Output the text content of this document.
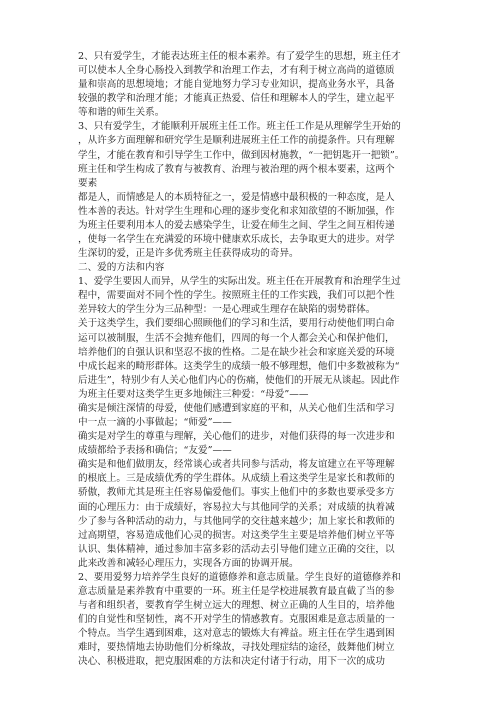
2、只有爱学生，才能表达班主任的根本素养。有了爱学生的思想，班主任才

可以使本人全身心肠投入到教学和治理工作去，才有利于树立高尚的道德质

量和崇高的思想境地；才能自觉地努力学习专业知识，提高业务水平，具备

较强的教学和治理才能；才能真正热爱、信任和理解本人的学生，建立起平

等和谐的师生关系。

3、只有爱学生，才能顺利开展班主任工作。班主任工作是从理解学生开始的

，从许多方面理解和研究学生是顺利进展班主任工作的前提条件。只有理解

学生，才能在教育和引导学生工作中，做到因材施教，“一把钥匙开一把锁”。

班主任和学生构成了教育与被教育、治理与被治理的两个根本要素，这两个

要素

都是人，而情感是人的本质特征之一，爱是情感中最积极的一种态度，是人

性本善的表达。针对学生生理和心理的逐步变化和求知欲望的不断加强，作

为班主任要利用本人的爱去感染学生，让爱在师生之间、学生之间互相传递

，使每一名学生在充满爱的环境中健康欢乐成长，去争取更大的进步。对学

生深切的爱，正是许多优秀班主任获得成功的奇异。

二、爱的方法和内容

1、爱学生要因人而异，从学生的实际出发。班主任在开展教育和治理学生过

程中，需要面对不同个性的学生。按照班主任的工作实践，我们可以把个性

差异较大的学生分为三品种型：一是心理或生理存在缺陷的弱势群体。

关于这类学生，我们要细心照顾他们的学习和生活，要用行动使他们明白命

运可以被制服，生活不会抛弃他们，四周的每一个人都会关心和保护他们，

培养他们的自强认识和坚忍不拔的性格。二是在缺少社会和家庭关爱的环境

中成长起来的畸形群体。这类学生的成绩一般不够理想，他们中多数被称为“

后进生”，特别少有人关心他们内心的伤痛，使他们的开展无从谈起。因此作

为班主任要对这类学生更多地倾注三种爱：“母爱”——

确实是倾注深情的母爱，使他们感遭到家庭的平和，从关心他们生活和学习

中一点一滴的小事做起；“师爱”——

确实是对学生的尊重与理解，关心他们的进步，对他们获得的每一次进步和

成绩都给予表扬和确信；“友爱”——

确实是和他们做朋友，经常谈心或者共同参与活动，将友谊建立在平等理解

的根底上。三是成绩优秀的学生群体。从成绩上看这类学生是家长和教师的

骄傲，教师尤其是班主任容易偏爱他们。事实上他们中的多数也要承受多方

面的心理压力：由于成绩好，容易拉大与其他同学的关系；对成绩的执着减

少了参与各种活动的动力，与其他同学的交往越来越少；加上家长和教师的

过高期望，容易造成他们心灵的损害。对这类学生主要是培养他们树立平等

认识、集体精神，通过参加丰富多彩的活动去引导他们建立正确的交往，以

此来改善和减轻心理压力，实现各方面的协调开展。

2、要用爱努力培养学生良好的道德修养和意志质量。学生良好的道德修养和

意志质量是素养教育中重要的一环。班主任是学校进展教育最直截了当的参

与者和组织者，要教育学生树立远大的理想、树立正确的人生目的，培养他

们的自觉性和坚韧性，离不开对学生的情感教育。克服困难是意志质量的一

个特点。当学生遇到困难，这对意志的锻炼大有裨益。班主任在学生遇到困

难时，要热情地去协助他们分析缘故，寻找处理症结的途径，鼓舞他们树立

决心、积极进取，把克服困难的方法和决定付诸于行动，用下一次的成功
